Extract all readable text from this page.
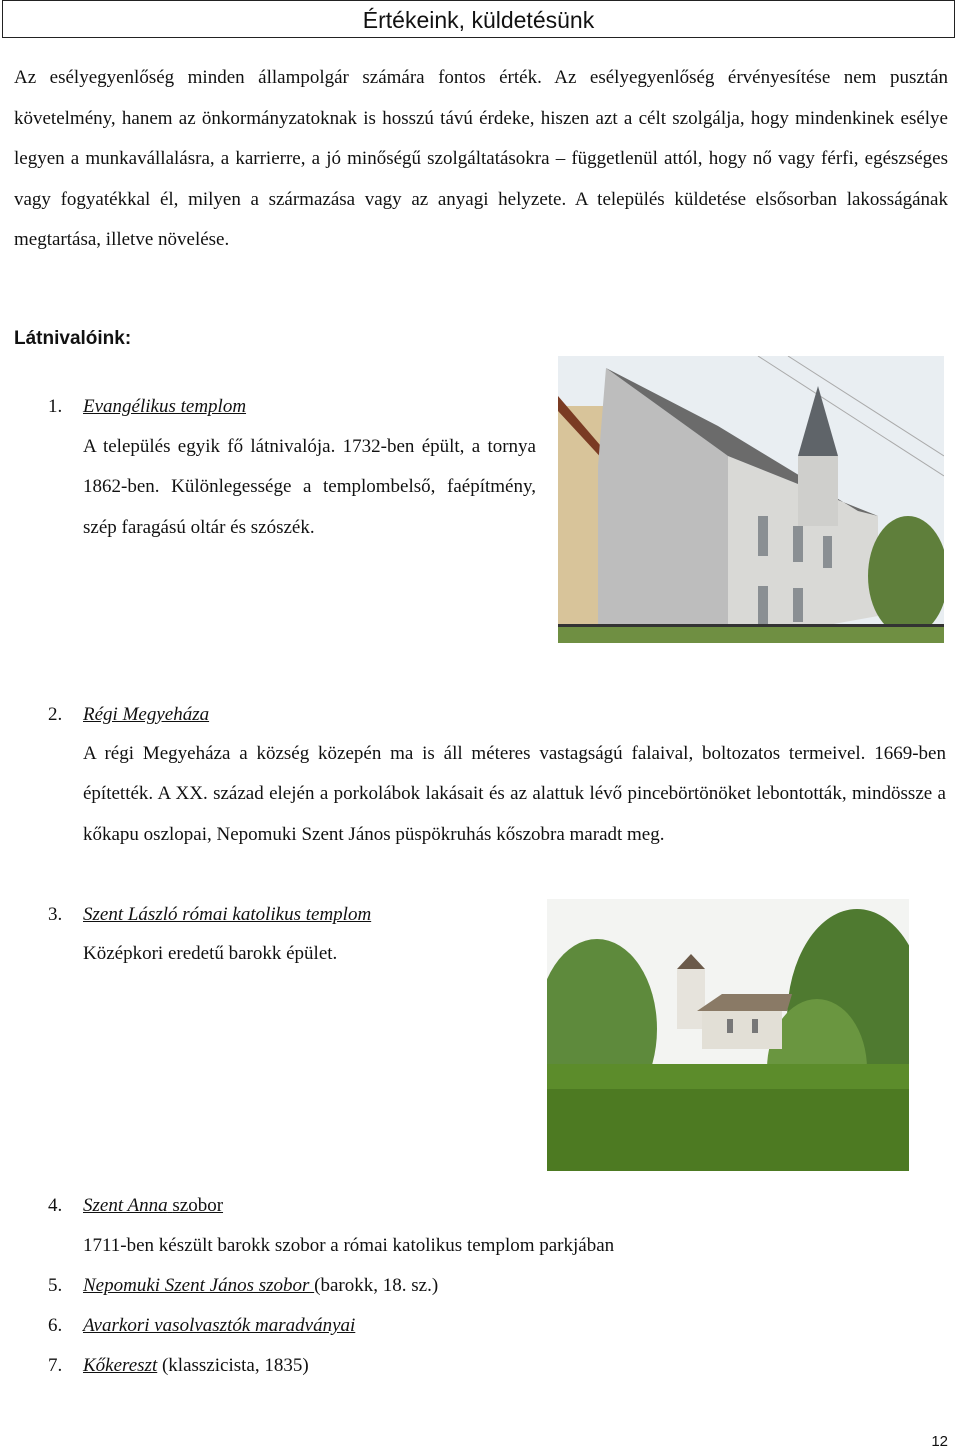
Értékeink, küldetésünk

Az esélyegyenlőség minden állampolgár számára fontos érték. Az esélyegyenlőség érvényesítése nem pusztán követelmény, hanem az önkormányzatoknak is hosszú távú érdeke, hiszen azt a célt szolgálja, hogy mindenkinek esélye legyen a munkavállalásra, a karrierre, a jó minőségű szolgáltatásokra – függetlenül attól, hogy nő vagy férfi, egészséges vagy fogyatékkal él, milyen a származása vagy az anyagi helyzete. A település küldetése elsősorban lakosságának megtartása, illetve növelése.

Látnivalóink:
1.	Evangélikus templom

A település egyik fő látnivalója. 1732-ben épült, a tornya 1862-ben. Különlegessége a templombelső, faépítmény, szép faragású oltár és szószék.

2.	Régi Megyeháza

A régi Megyeháza a község közepén ma is áll méteres vastagságú falaival, boltozatos termeivel. 1669-ben építették. A XX. század elején a porkolábok lakásait és az alattuk lévő pincebörtönöket lebontották, mindössze a kőkapu oszlopai, Nepomuki Szent János püspökruhás kőszobra maradt meg.

3.	Szent László római katolikus templom

Középkori eredetű barokk épület.

4.	Szent Anna szobor

1711-ben készült barokk szobor a római katolikus templom parkjában

5.	Nepomuki Szent János szobor (barokk, 18. sz.)
6.	Avarkori vasolvasztók maradványai
7.	Kőkereszt (klasszicista, 1835)
12
